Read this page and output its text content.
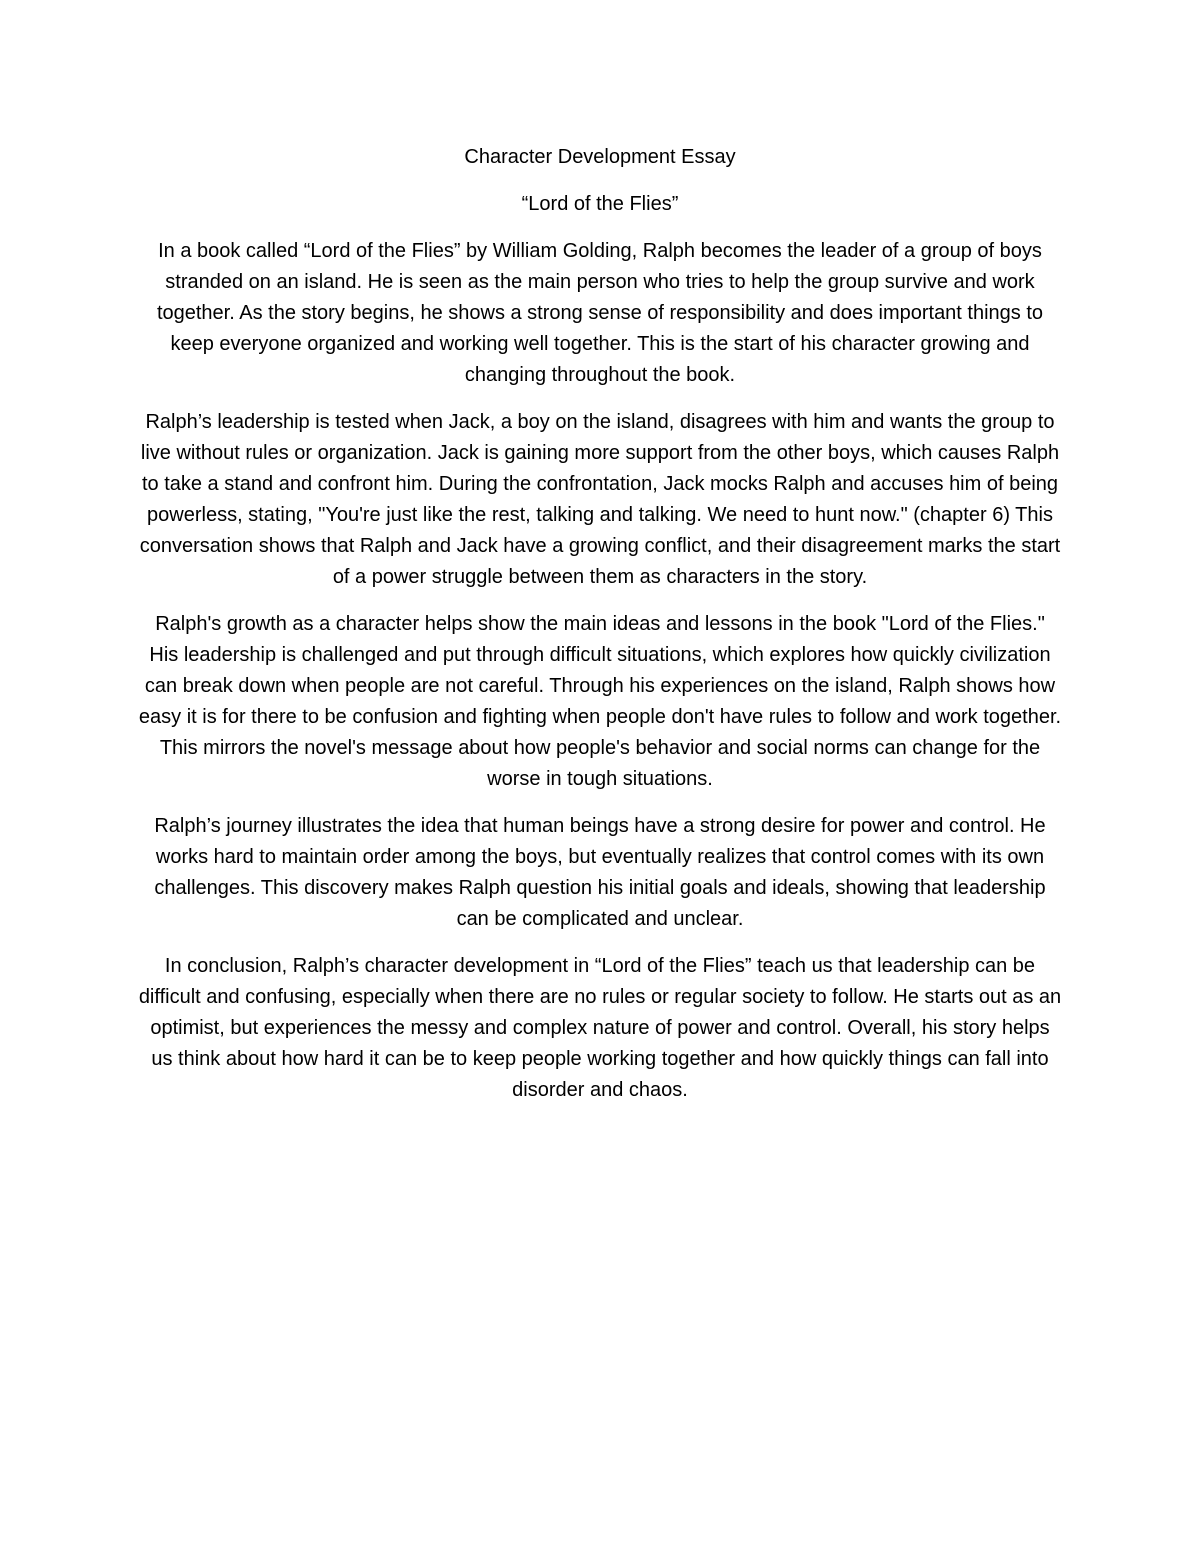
Character Development Essay

“Lord of the Flies”

In a book called “Lord of the Flies” by William Golding, Ralph becomes the leader of a group of boys stranded on an island. He is seen as the main person who tries to help the group survive and work together. As the story begins, he shows a strong sense of responsibility and does important things to keep everyone organized and working well together. This is the start of his character growing and changing throughout the book.

Ralph’s leadership is tested when Jack, a boy on the island, disagrees with him and wants the group to live without rules or organization. Jack is gaining more support from the other boys, which causes Ralph to take a stand and confront him. During the confrontation, Jack mocks Ralph and accuses him of being powerless, stating, "You're just like the rest, talking and talking. We need to hunt now." (chapter 6) This conversation shows that Ralph and Jack have a growing conflict, and their disagreement marks the start of a power struggle between them as characters in the story.

Ralph's growth as a character helps show the main ideas and lessons in the book "Lord of the Flies." His leadership is challenged and put through difficult situations, which explores how quickly civilization can break down when people are not careful. Through his experiences on the island, Ralph shows how easy it is for there to be confusion and fighting when people don't have rules to follow and work together. This mirrors the novel's message about how people's behavior and social norms can change for the worse in tough situations.

Ralph’s journey illustrates the idea that human beings have a strong desire for power and control. He works hard to maintain order among the boys, but eventually realizes that control comes with its own challenges. This discovery makes Ralph question his initial goals and ideals, showing that leadership can be complicated and unclear.

In conclusion, Ralph’s character development in “Lord of the Flies” teach us that leadership can be difficult and confusing, especially when there are no rules or regular society to follow. He starts out as an optimist, but experiences the messy and complex nature of power and control. Overall, his story helps us think about how hard it can be to keep people working together and how quickly things can fall into disorder and chaos.
